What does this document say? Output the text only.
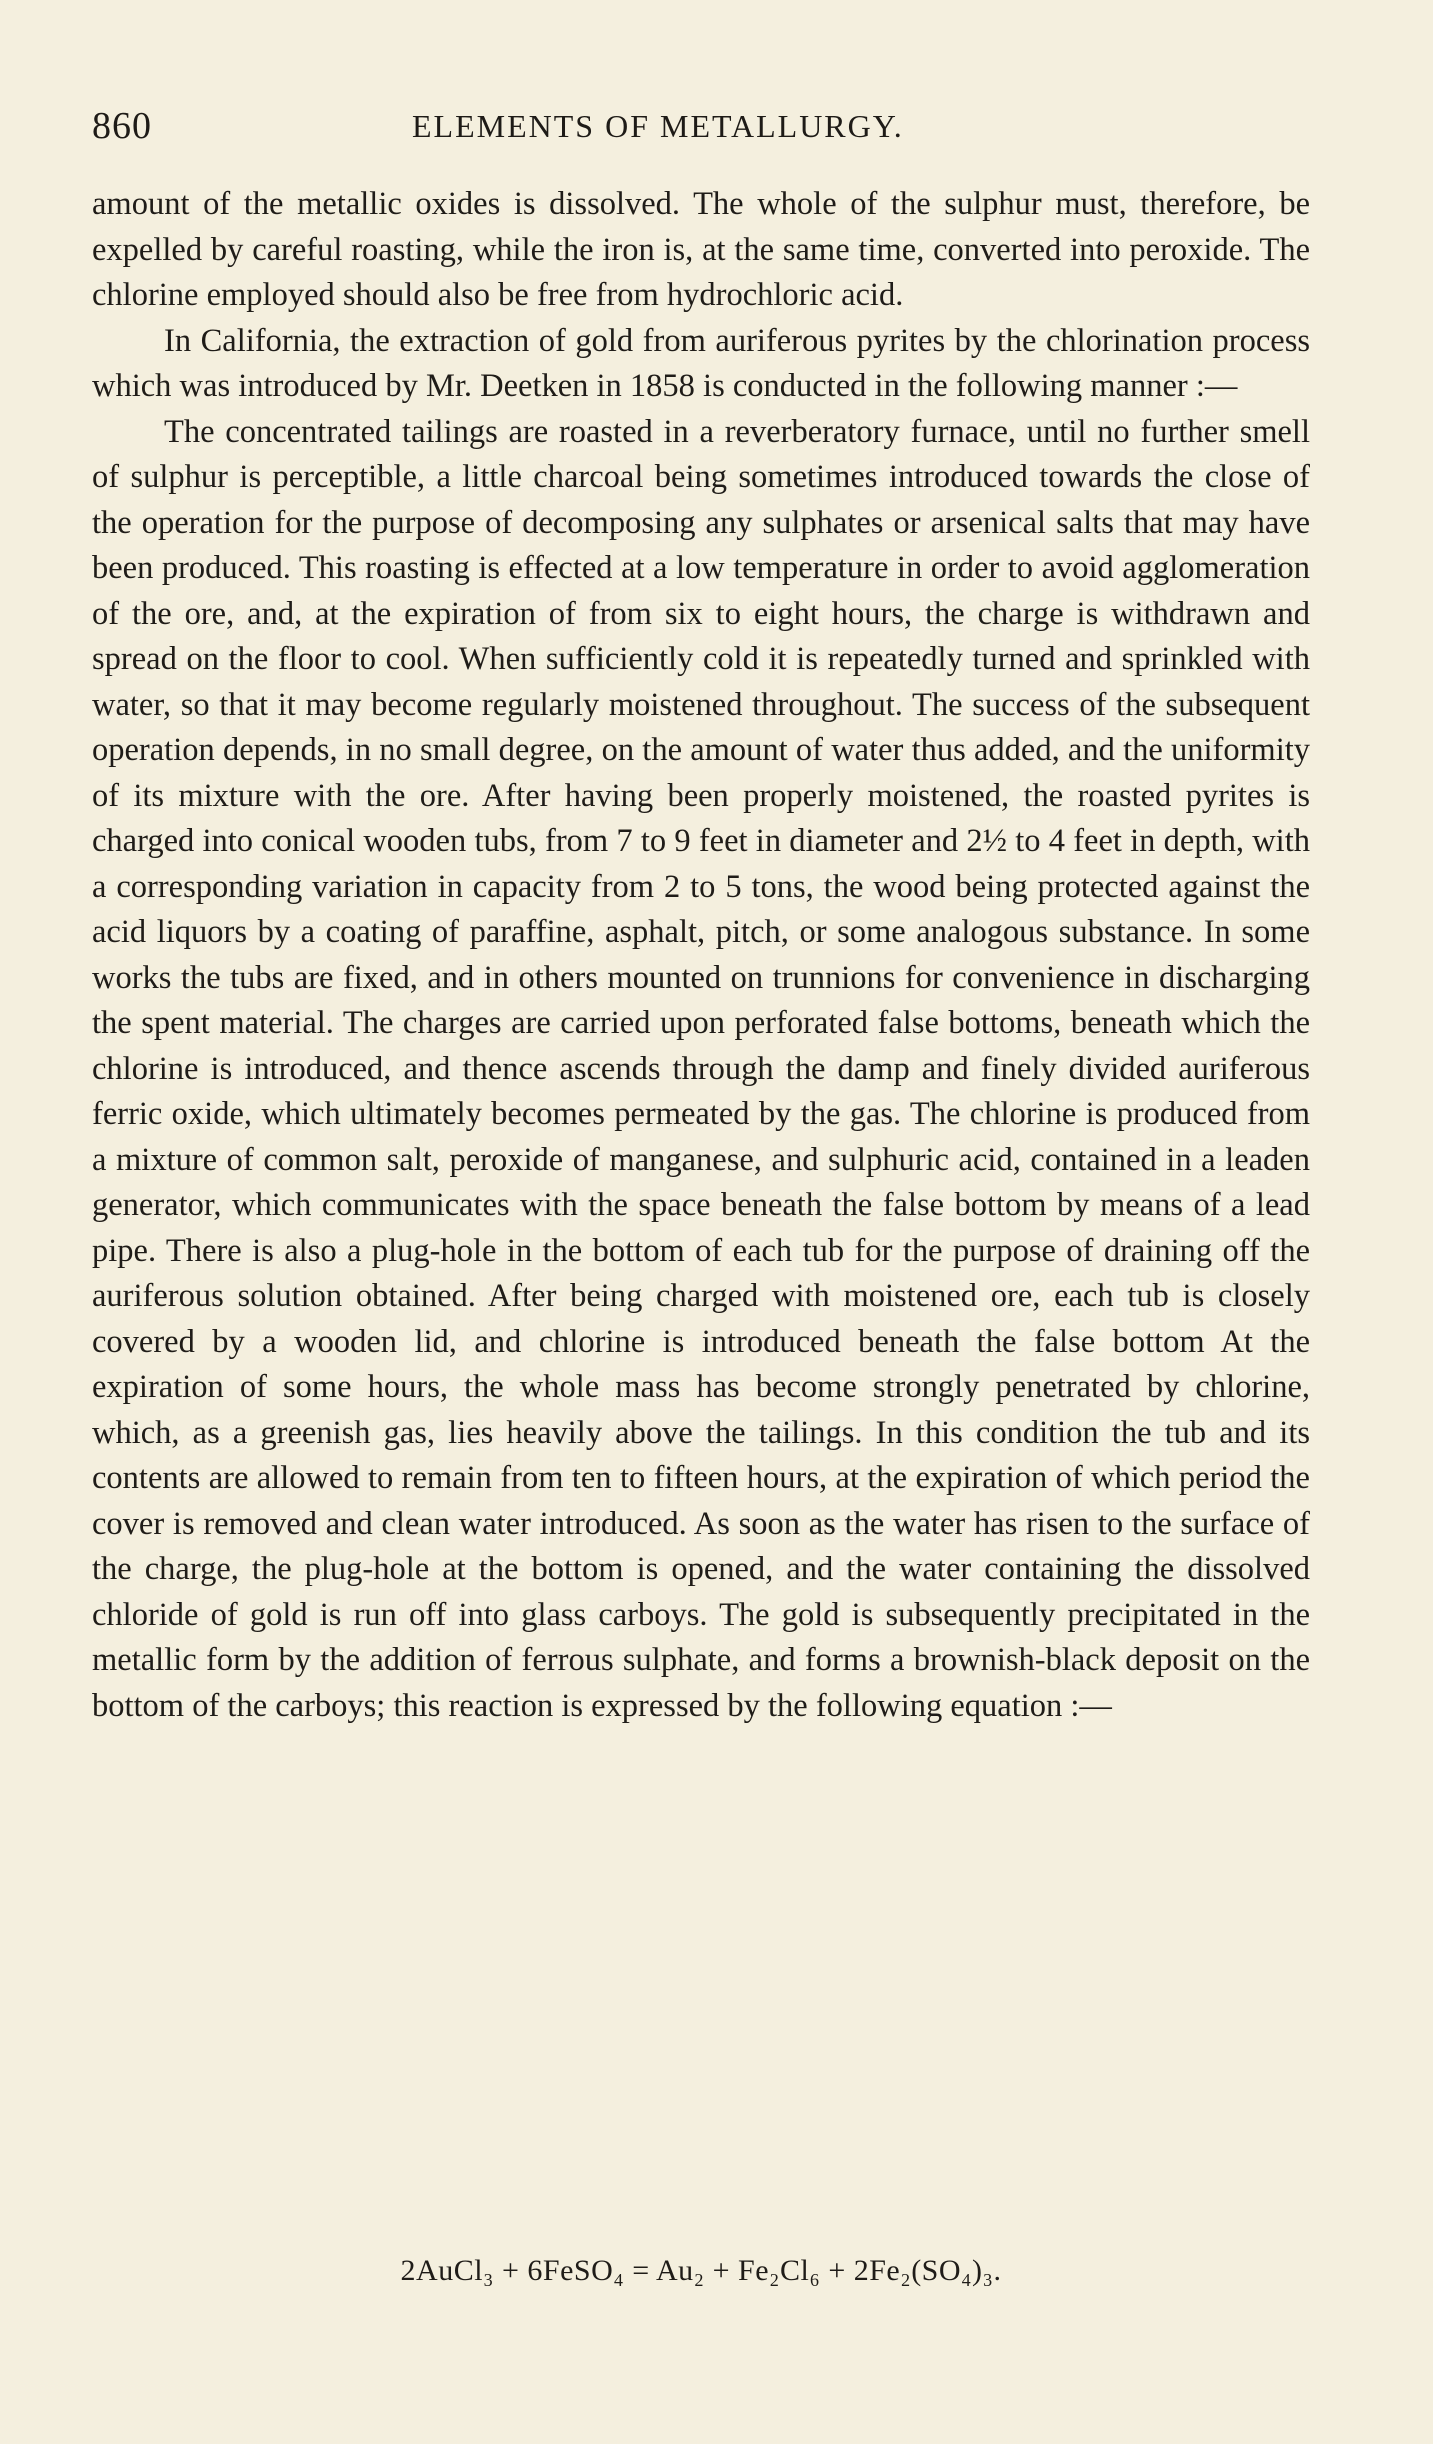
860	ELEMENTS OF METALLURGY.

amount of the metallic oxides is dissolved. The whole of the sulphur must, therefore, be expelled by careful roasting, while the iron is, at the same time, converted into peroxide. The chlorine employed should also be free from hydrochloric acid.

In California, the extraction of gold from auriferous pyrites by the chlorination process which was introduced by Mr. Deetken in 1858 is conducted in the following manner :—

The concentrated tailings are roasted in a reverberatory furnace, until no further smell of sulphur is perceptible, a little charcoal being sometimes introduced towards the close of the operation for the purpose of decomposing any sulphates or arsenical salts that may have been produced. This roasting is effected at a low temperature in order to avoid agglomeration of the ore, and, at the expiration of from six to eight hours, the charge is withdrawn and spread on the floor to cool. When sufficiently cold it is repeatedly turned and sprinkled with water, so that it may become regularly moistened throughout. The success of the subsequent operation depends, in no small degree, on the amount of water thus added, and the uniformity of its mixture with the ore. After having been properly moistened, the roasted pyrites is charged into conical wooden tubs, from 7 to 9 feet in diameter and 2½ to 4 feet in depth, with a corresponding variation in capacity from 2 to 5 tons, the wood being protected against the acid liquors by a coating of paraffine, asphalt, pitch, or some analogous substance. In some works the tubs are fixed, and in others mounted on trunnions for convenience in discharging the spent material. The charges are carried upon perforated false bottoms, beneath which the chlorine is introduced, and thence ascends through the damp and finely divided auriferous ferric oxide, which ultimately becomes permeated by the gas. The chlorine is produced from a mixture of common salt, peroxide of manganese, and sulphuric acid, contained in a leaden generator, which communicates with the space beneath the false bottom by means of a lead pipe. There is also a plug-hole in the bottom of each tub for the purpose of draining off the auriferous solution obtained. After being charged with moistened ore, each tub is closely covered by a wooden lid, and chlorine is introduced beneath the false bottom At the expiration of some hours, the whole mass has become strongly penetrated by chlorine, which, as a greenish gas, lies heavily above the tailings. In this condition the tub and its contents are allowed to remain from ten to fifteen hours, at the expiration of which period the cover is removed and clean water introduced. As soon as the water has risen to the surface of the charge, the plug-hole at the bottom is opened, and the water containing the dissolved chloride of gold is run off into glass carboys. The gold is subsequently precipitated in the metallic form by the addition of ferrous sulphate, and forms a brownish-black deposit on the bottom of the carboys; this reaction is expressed by the following equation :—

2AuCl₃ + 6FeSO₄ = Au₂ + Fe₂Cl₆ + 2Fe₂(SO₄)₃.
